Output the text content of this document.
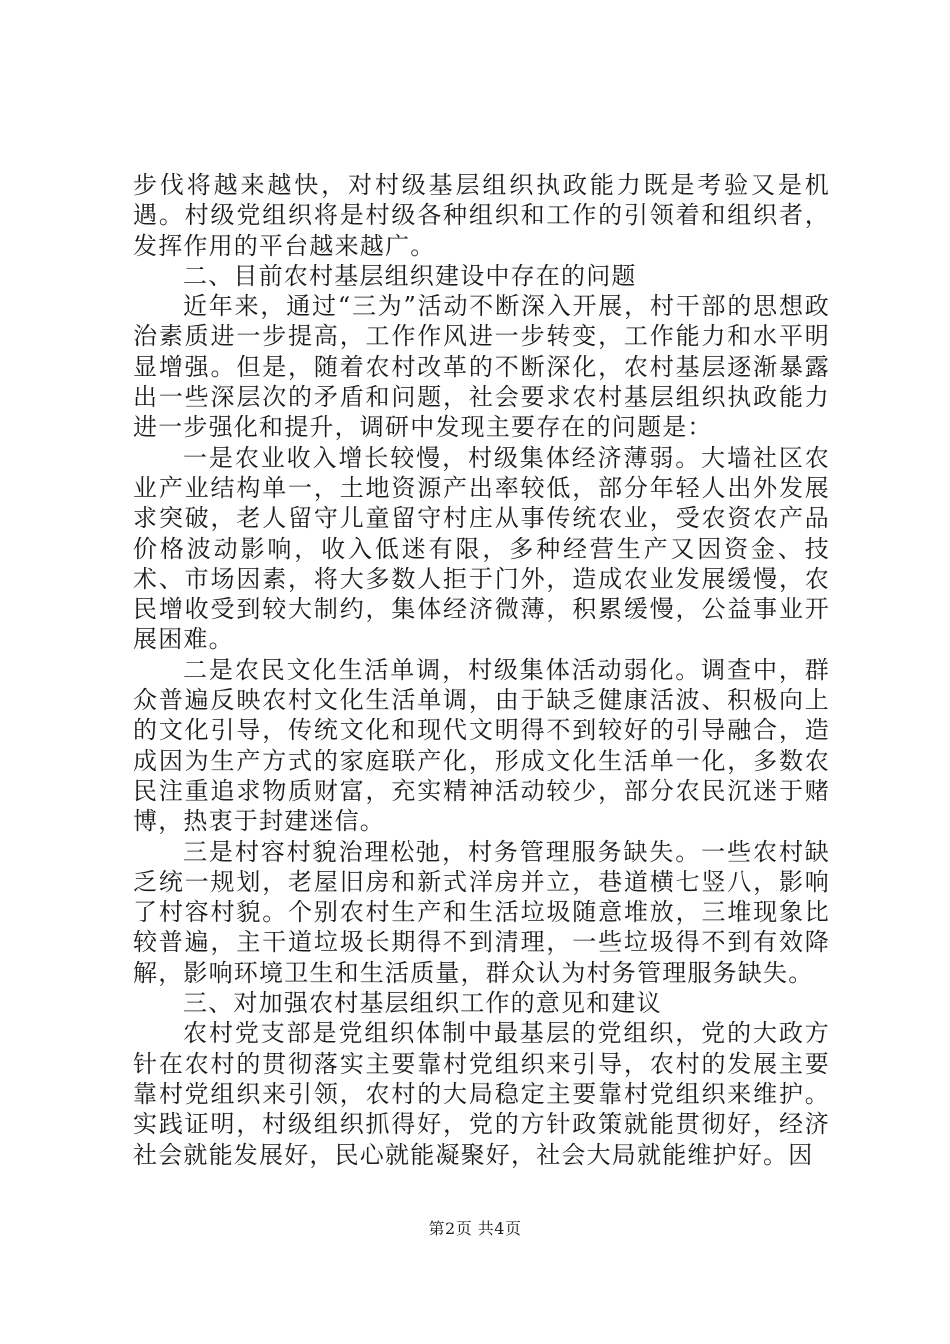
步伐将越来越快，对村级基层组织执政能力既是考验又是机遇。村级党组织将是村级各种组织和工作的引领着和组织者，发挥作用的平台越来越广。

二、目前农村基层组织建设中存在的问题

近年来，通过“三为”活动不断深入开展，村干部的思想政治素质进一步提高，工作作风进一步转变，工作能力和水平明显增强。但是，随着农村改革的不断深化，农村基层逐渐暴露出一些深层次的矛盾和问题，社会要求农村基层组织执政能力进一步强化和提升，调研中发现主要存在的问题是：

一是农业收入增长较慢，村级集体经济薄弱。大墙社区农业产业结构单一，土地资源产出率较低，部分年轻人出外发展求突破，老人留守儿童留守村庄从事传统农业，受农资农产品价格波动影响，收入低迷有限，多种经营生产又因资金、技术、市场因素，将大多数人拒于门外，造成农业发展缓慢，农民增收受到较大制约，集体经济微薄，积累缓慢，公益事业开展困难。

二是农民文化生活单调，村级集体活动弱化。调查中，群众普遍反映农村文化生活单调，由于缺乏健康活波、积极向上的文化引导，传统文化和现代文明得不到较好的引导融合，造成因为生产方式的家庭联产化，形成文化生活单一化，多数农民注重追求物质财富，充实精神活动较少，部分农民沉迷于赌博，热衷于封建迷信。

三是村容村貌治理松弛，村务管理服务缺失。一些农村缺乏统一规划，老屋旧房和新式洋房并立，巷道横七竖八，影响了村容村貌。个别农村生产和生活垃圾随意堆放，三堆现象比较普遍，主干道垃圾长期得不到清理，一些垃圾得不到有效降解，影响环境卫生和生活质量，群众认为村务管理服务缺失。

三、对加强农村基层组织工作的意见和建议

农村党支部是党组织体制中最基层的党组织，党的大政方针在农村的贯彻落实主要靠村党组织来引导，农村的发展主要靠村党组织来引领，农村的大局稳定主要靠村党组织来维护。实践证明，村级组织抓得好，党的方针政策就能贯彻好，经济社会就能发展好，民心就能凝聚好，社会大局就能维护好。因

第2页 共4页
